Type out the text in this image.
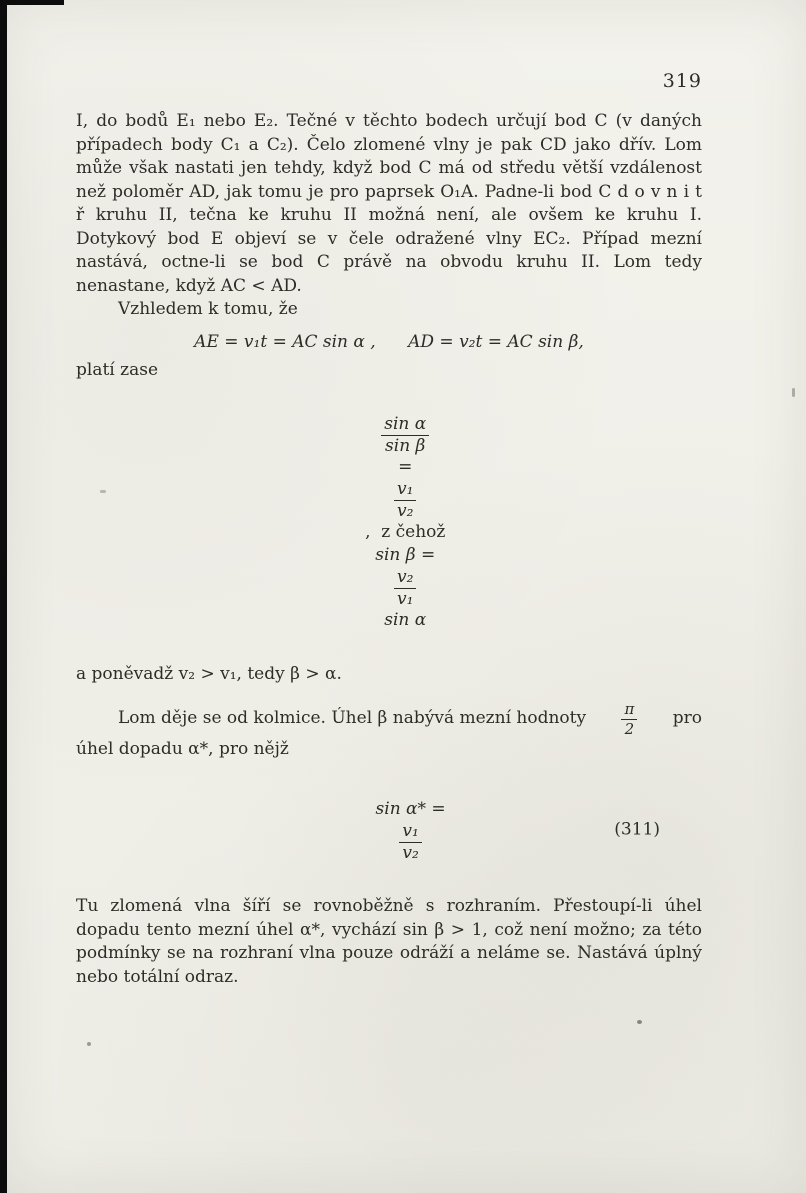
319

I, do bodů E₁ nebo E₂. Tečné v těchto bodech určují bod C (v daných případech body C₁ a C₂). Čelo zlomené vlny je pak CD jako dřív. Lom může však nastati jen tehdy, když bod C má od středu větší vzdálenost než poloměr AD, jak tomu je pro paprsek O₁A. Padne-li bod C d o v n i t ř kruhu II, tečna ke kruhu II možná není, ale ovšem ke kruhu I. Dotykový bod E objeví se v čele odražené vlny EC₂. Případ mezní nastává, octne-li se bod C právě na obvodu kruhu II. Lom tedy nenastane, když AC < AD.

Vzhledem k tomu, že

AE = v₁t = AC sin α ,      AD = v₂t = AC sin β,

platí zase

$\frac{\text{sin α}}{\text{sin β}}$

=

$\frac{\text{v₁}}{\text{v₂}}$

,  z čehož
sin β =

$\frac{\text{v₂}}{\text{v₁}}$

sin α

a poněvadž v₂ > v₁, tedy β > α.

Lom děje se od kolmice. Úhel β nabývá mezní hodnoty $\frac{\pi}{2}$ pro

úhel dopadu α*, pro nějž

sin α* =

$\frac{\text{v₁}}{\text{v₂}}$

	(311)

Tu zlomená vlna šíří se rovnoběžně s rozhraním. Přestoupí-li úhel dopadu tento mezní úhel α*, vychází sin β > 1, což není možno; za této podmínky se na rozhraní vlna pouze odráží a neláme se. Nastává úplný nebo totální odraz.
